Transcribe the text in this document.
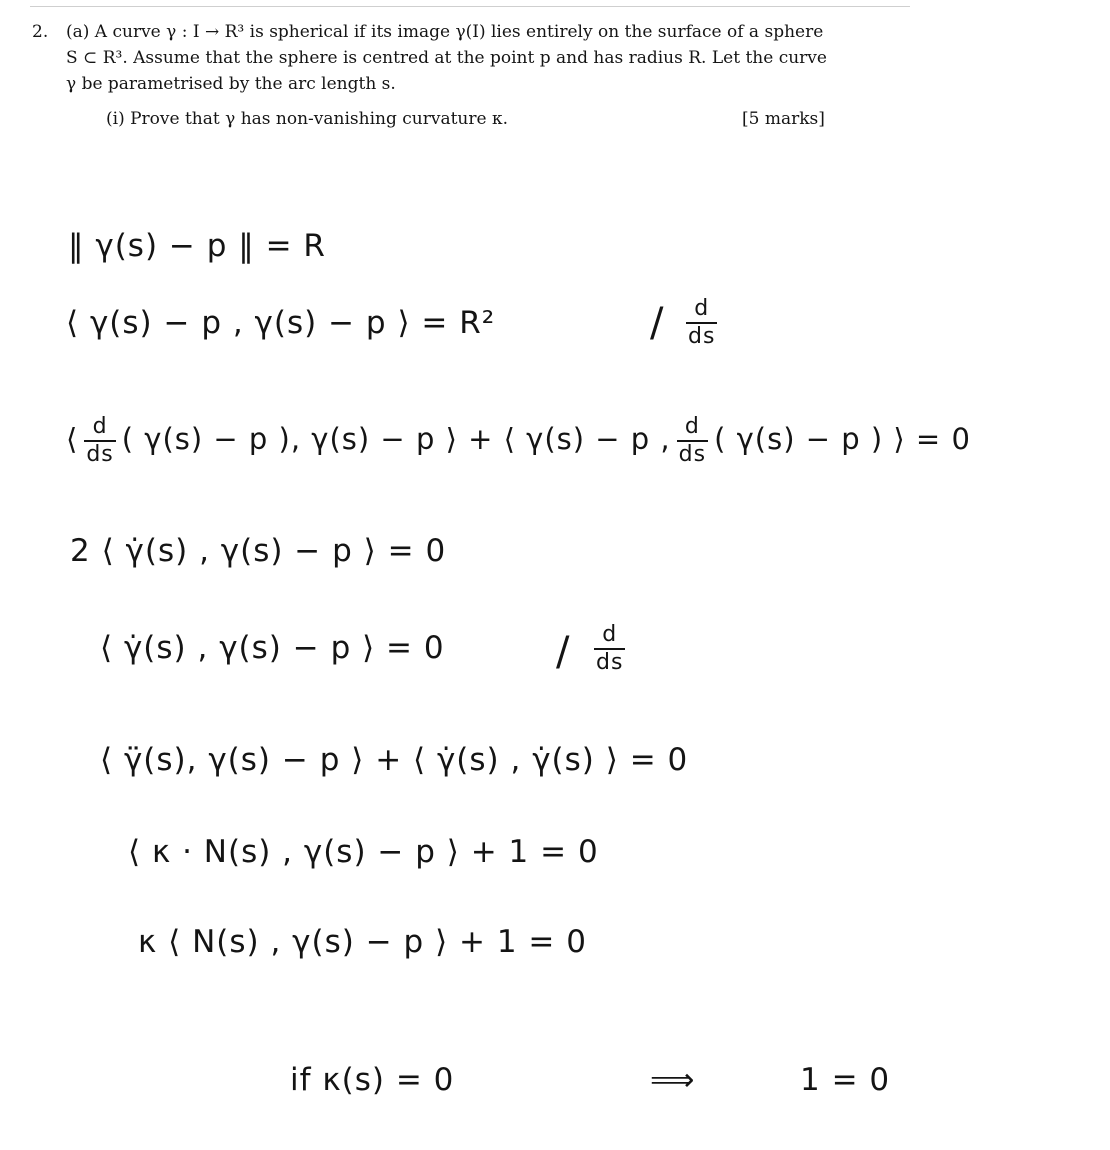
2. (a) A curve γ : I → R³ is spherical if its image γ(I) lies entirely on the surface of a sphere
S ⊂ R³. Assume that the sphere is centred at the point p and has radius R. Let the curve
γ be parametrised by the arc length s.
(i) Prove that γ has non-vanishing curvature κ.	[5 marks]
‖ γ(s) − p ‖ = R
⟨ γ(s) − p , γ(s) − p ⟩ = R²	/ $\frac{d}{ds}$
⟨ $\frac{d}{ds}$ ( γ(s) − p ), γ(s) − p ⟩ + ⟨ γ(s) − p , $\frac{d}{ds}$ ( γ(s) − p ) ⟩ = 0
2 ⟨ γ̇(s) , γ(s) − p ⟩ = 0
⟨ γ̇(s) , γ(s) − p ⟩ = 0	/ $\frac{d}{ds}$
⟨ γ̈(s), γ(s) − p ⟩ + ⟨ γ̇(s) , γ̇(s) ⟩ = 0
⟨ κ · N(s) , γ(s) − p ⟩ + 1 = 0
κ ⟨ N(s) , γ(s) − p ⟩ + 1 = 0
if κ(s) = 0	⟹	1 = 0
